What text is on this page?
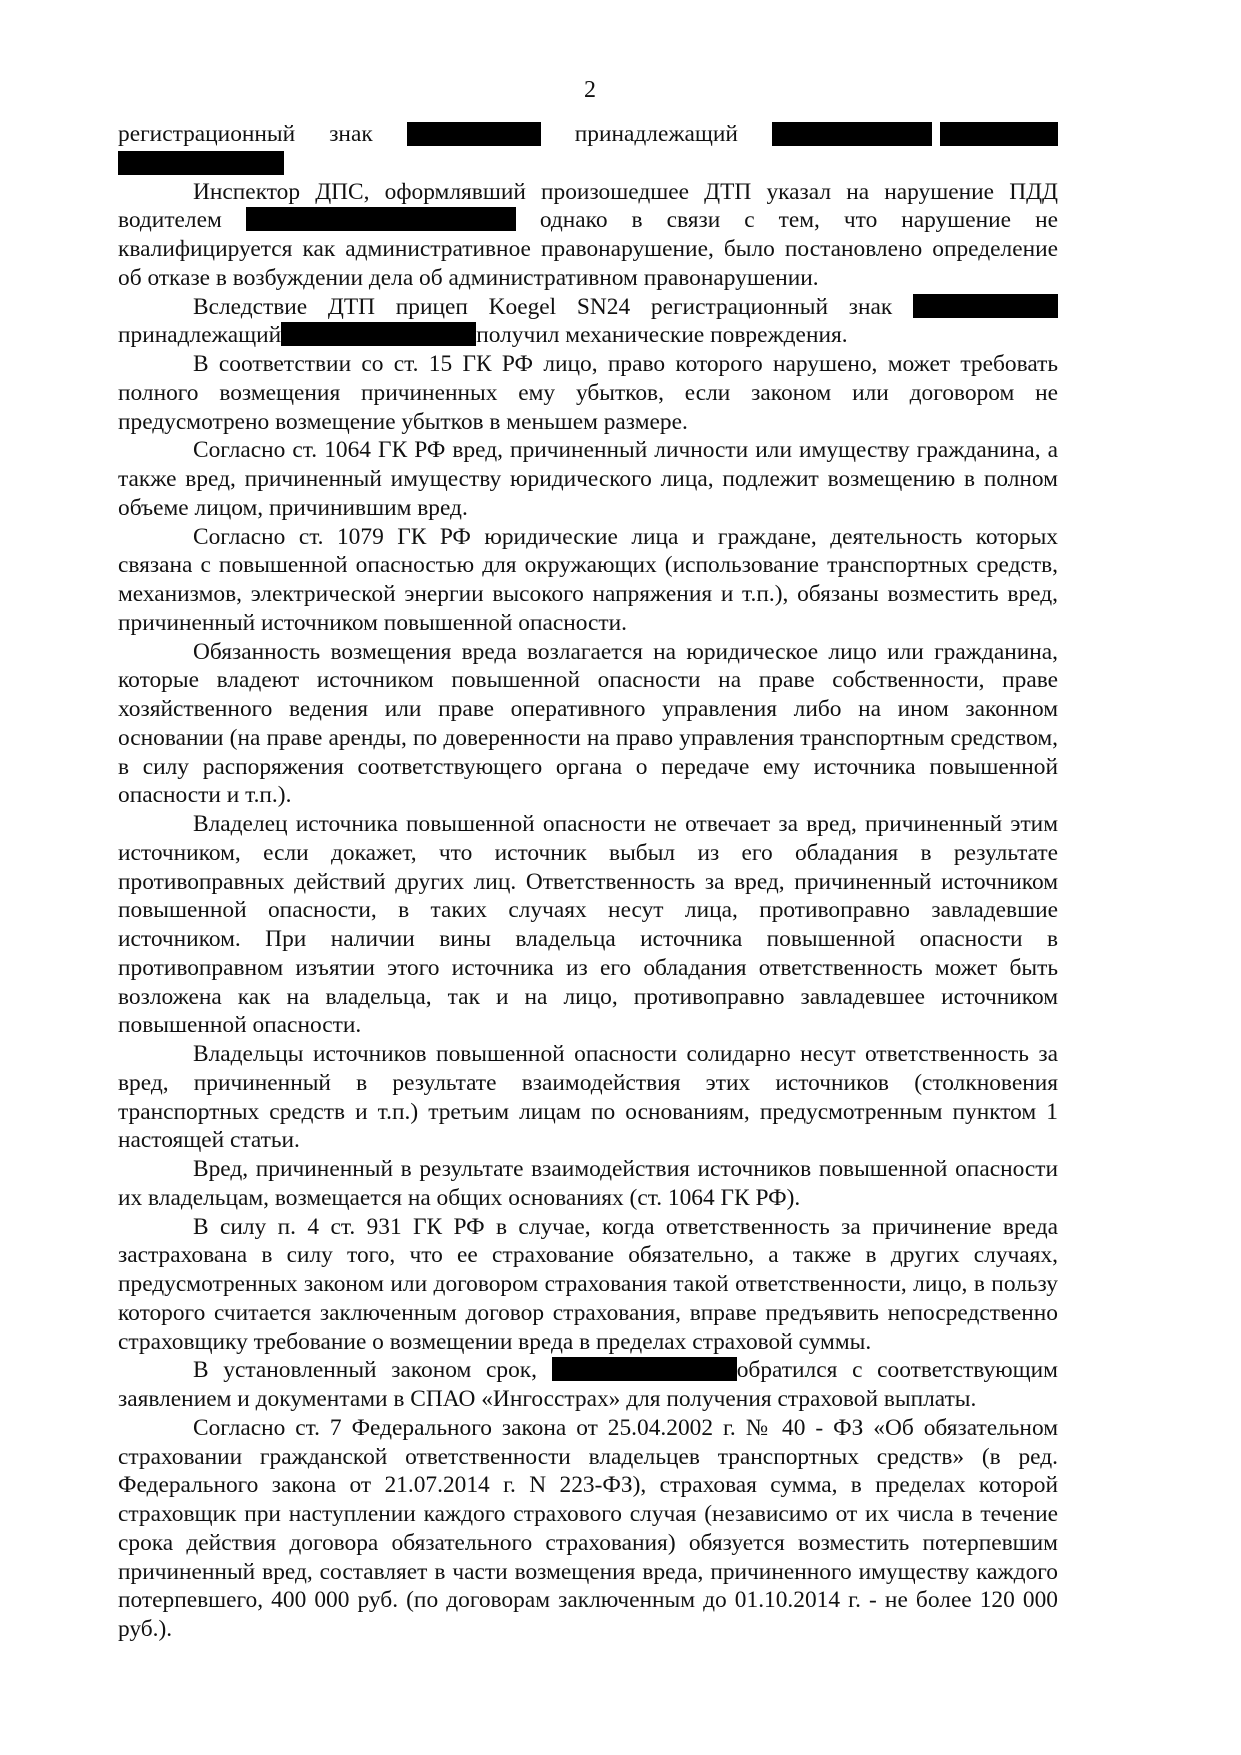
2
регистрационный знак	принадлежащий

Инспектор ДПС, оформлявший произошедшее ДТП указал на нарушение ПДД водителем	однако в связи с тем, что нарушение не квалифицируется как административное правонарушение, было постановлено определение об отказе в возбуждении дела об административном правонарушении.

Вследствие ДТП прицеп Koegel SN24 регистрационный знак  принадлежащий	получил механические повреждения.

В соответствии со ст. 15 ГК РФ лицо, право которого нарушено, может требовать полного возмещения причиненных ему убытков, если законом или договором не предусмотрено возмещение убытков в меньшем размере.

Согласно ст. 1064 ГК РФ вред, причиненный личности или имуществу гражданина, а также вред, причиненный имуществу юридического лица, подлежит возмещению в полном объеме лицом, причинившим вред.

Согласно ст. 1079 ГК РФ юридические лица и граждане, деятельность которых связана с повышенной опасностью для окружающих (использование транспортных средств, механизмов, электрической энергии высокого напряжения и т.п.), обязаны возместить вред, причиненный источником повышенной опасности.

Обязанность возмещения вреда возлагается на юридическое лицо или гражданина, которые владеют источником повышенной опасности на праве собственности, праве хозяйственного ведения или праве оперативного управления либо на ином законном основании (на праве аренды, по доверенности на право управления транспортным средством, в силу распоряжения соответствующего органа о передаче ему источника повышенной опасности и т.п.).

Владелец источника повышенной опасности не отвечает за вред, причиненный этим источником, если докажет, что источник выбыл из его обладания в результате противоправных действий других лиц. Ответственность за вред, причиненный источником повышенной опасности, в таких случаях несут лица, противоправно завладевшие источником. При наличии вины владельца источника повышенной опасности в противоправном изъятии этого источника из его обладания ответственность может быть возложена как на владельца, так и на лицо, противоправно завладевшее источником повышенной опасности.

Владельцы источников повышенной опасности солидарно несут ответственность за вред, причиненный в результате взаимодействия этих источников (столкновения транспортных средств и т.п.) третьим лицам по основаниям, предусмотренным пунктом 1 настоящей статьи.

Вред, причиненный в результате взаимодействия источников повышенной опасности их владельцам, возмещается на общих основаниях (ст. 1064 ГК РФ).

В силу п. 4 ст. 931 ГК РФ в случае, когда ответственность за причинение вреда застрахована в силу того, что ее страхование обязательно, а также в других случаях, предусмотренных законом или договором страхования такой ответственности, лицо, в пользу которого считается заключенным договор страхования, вправе предъявить непосредственно страховщику требование о возмещении вреда в пределах страховой суммы.

В установленный законом срок,	обратился с соответствующим заявлением и документами в СПАО «Ингосстрах» для получения страховой выплаты.

Согласно ст. 7 Федерального закона от 25.04.2002 г. № 40 - ФЗ «Об обязательном страховании гражданской ответственности владельцев транспортных средств» (в ред. Федерального закона от 21.07.2014 г. N 223-ФЗ), страховая сумма, в пределах которой страховщик при наступлении каждого страхового случая (независимо от их числа в течение срока действия договора обязательного страхования) обязуется возместить потерпевшим причиненный вред, составляет в части возмещения вреда, причиненного имуществу каждого потерпевшего, 400 000 руб. (по договорам заключенным до 01.10.2014 г. - не более 120 000 руб.).
